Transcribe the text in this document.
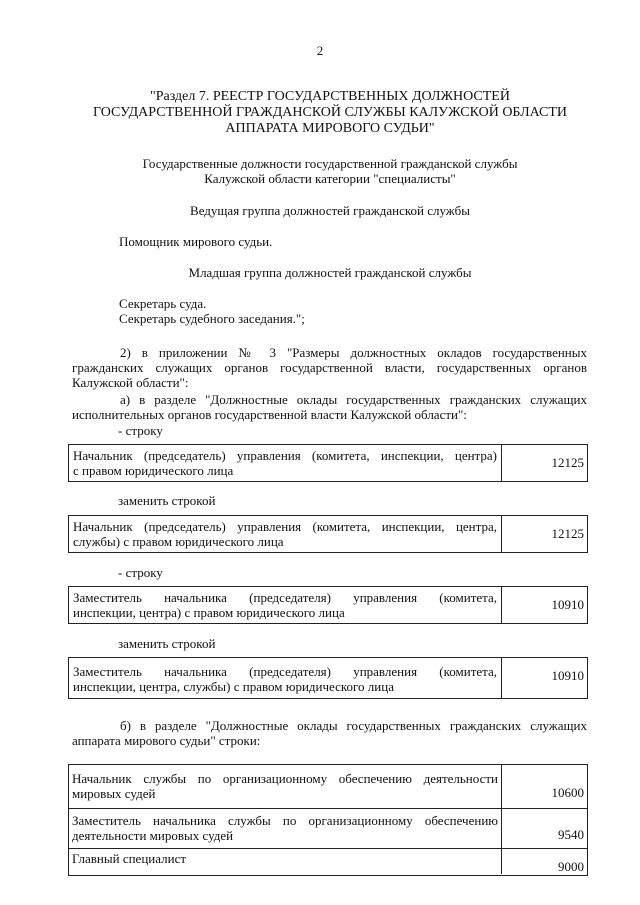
2
"Раздел 7. РЕЕСТР ГОСУДАРСТВЕННЫХ ДОЛЖНОСТЕЙ
ГОСУДАРСТВЕННОЙ ГРАЖДАНСКОЙ СЛУЖБЫ КАЛУЖСКОЙ ОБЛАСТИ
АППАРАТА МИРОВОГО СУДЬИ"
Государственные должности государственной гражданской службы
Калужской области категории "специалисты"
Ведущая группа должностей гражданской службы
Помощник мирового судьи.
Младшая группа должностей гражданской службы
Секретарь суда.
Секретарь судебного заседания.";
2) в приложении № 3 "Размеры должностных окладов государственных
гражданских служащих органов государственной власти, государственных органов
Калужской области":
а) в разделе "Должностные оклады государственных гражданских служащих
исполнительных органов государственной власти Калужской области":
- строку
Начальник (председатель) управления (комитета, инспекции, центра)
с правом юридического лица
12125
заменить строкой
Начальник (председатель) управления (комитета, инспекции, центра,
службы) с правом юридического лица
12125
- строку
Заместитель начальника (председателя) управления (комитета,
инспекции, центра) с правом юридического лица
10910
заменить строкой
Заместитель начальника (председателя) управления (комитета,
инспекции, центра, службы) с правом юридического лица
10910
б) в разделе "Должностные оклады государственных гражданских служащих
аппарата мирового судьи" строки:
Начальник службы по организационному обеспечению деятельности
мировых судей	10600
Заместитель начальника службы по организационному обеспечению
деятельности мировых судей	9540
Главный специалист
9000
